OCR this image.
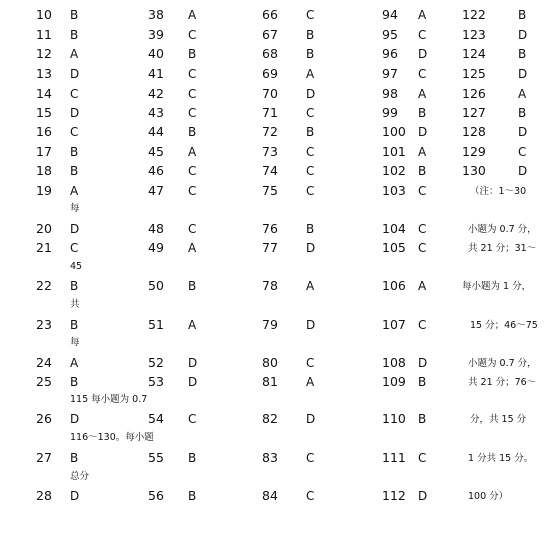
10 B	38 A	66 C	94 A	122	B
11 B	39 C	67 B	95 C	123	D
12 A	40 B	68 B	96 D	124	B
13 D	41 C	69 A	97 C	125	D
14 C	42 C	70 D	98 A	126	A
15 D	43 C	71 C	99 B	127	B
16 C	44 B	72 B	100 D	128	D
17 B	45 A	73 C	101 A	129	C
18 B	46 C	74 C	102 B	130	D
19 A	47 C	75 C	103 C	（注：1～30
每
20 D	48 C	76 B	104 C	小题为 0.7 分，
21 C	49 A	77 D	105 C	共 21 分；31～
45
22 B	50 B	78 A	106 A	每小题为 1 分，
共
23 B	51 A	79 D	107 C	15 分；46～75
每
24 A	52 D	80 C	108 D	小题为 0.7 分，
25 B	53 D	81 A	109 B	共 21 分；76～
115 每小题为 0.7
26 D	54 C	82 D	110 B	分，共 15 分
116～130。每小题
27 B	55 B	83 C	111 C	1 分共 15 分。
总分
28 D	56 B	84 C	112 D	100 分）
